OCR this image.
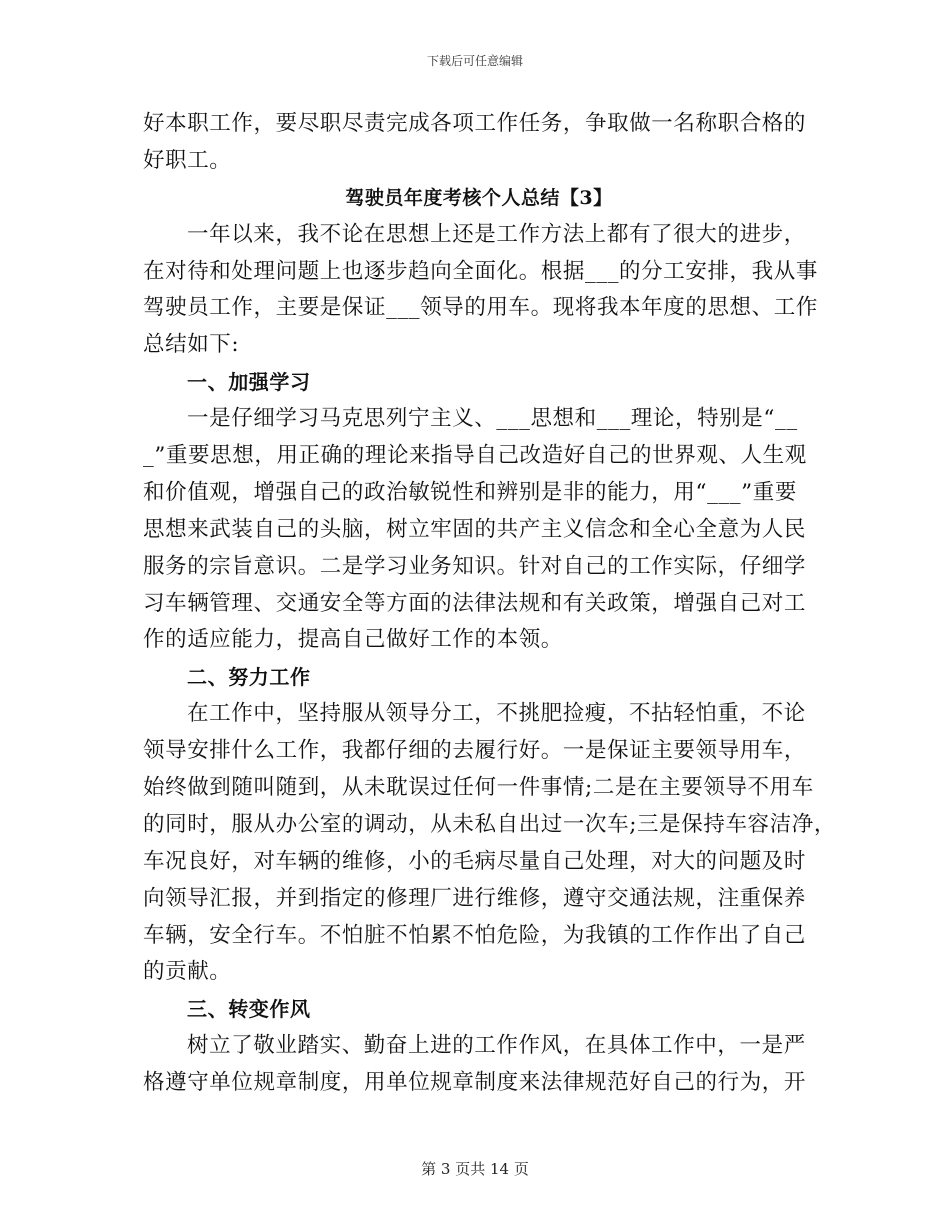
下载后可任意编辑
好本职工作，要尽职尽责完成各项工作任务，争取做一名称职合格的
好职工。
驾驶员年度考核个人总结【3】
一年以来，我不论在思想上还是工作方法上都有了很大的进步，
在对待和处理问题上也逐步趋向全面化。根据___的分工安排，我从事
驾驶员工作，主要是保证___领导的用车。现将我本年度的思想、工作
总结如下:
一、加强学习
一是仔细学习马克思列宁主义、___思想和___理论，特别是“__
_”重要思想，用正确的理论来指导自己改造好自己的世界观、人生观
和价值观，增强自己的政治敏锐性和辨别是非的能力，用“___”重要
思想来武装自己的头脑，树立牢固的共产主义信念和全心全意为人民
服务的宗旨意识。二是学习业务知识。针对自己的工作实际，仔细学
习车辆管理、交通安全等方面的法律法规和有关政策，增强自己对工
作的适应能力，提高自己做好工作的本领。
二、努力工作
在工作中，坚持服从领导分工，不挑肥捡瘦，不拈轻怕重，不论
领导安排什么工作，我都仔细的去履行好。一是保证主要领导用车，
始终做到随叫随到，从未耽误过任何一件事情;二是在主要领导不用车
的同时，服从办公室的调动，从未私自出过一次车;三是保持车容洁净，
车况良好，对车辆的维修，小的毛病尽量自己处理，对大的问题及时
向领导汇报，并到指定的修理厂进行维修，遵守交通法规，注重保养
车辆，安全行车。不怕脏不怕累不怕危险，为我镇的工作作出了自己
的贡献。
三、转变作风
树立了敬业踏实、勤奋上进的工作作风，在具体工作中，一是严
格遵守单位规章制度，用单位规章制度来法律规范好自己的行为，开
第 3 页共 14 页
